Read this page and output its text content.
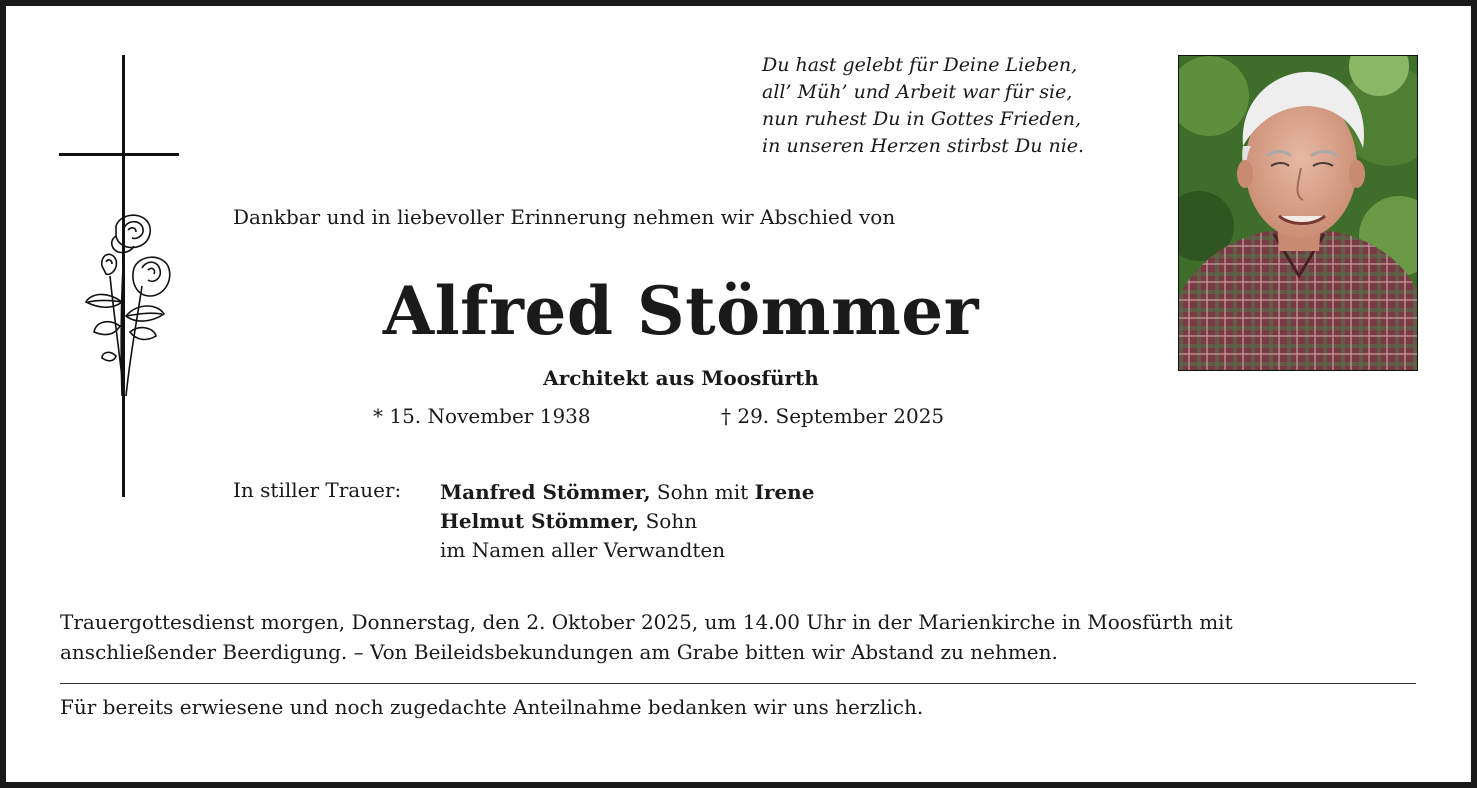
Du hast gelebt für Deine Lieben,
all’ Müh’ und Arbeit war für sie,
nun ruhest Du in Gottes Frieden,
in unseren Herzen stirbst Du nie.
Dankbar und in liebevoller Erinnerung nehmen wir Abschied von
Alfred Stömmer
Architekt aus Moosfürth
* 15. November 1938	† 29. September 2025
In stiller Trauer: Manfred Stömmer, Sohn mit Irene
Helmut Stömmer, Sohn
im Namen aller Verwandten
Trauergottesdienst morgen, Donnerstag, den 2. Oktober 2025, um 14.00 Uhr in der Marienkirche in Moosfürth mit
anschließender Beerdigung. – Von Beileidsbekundungen am Grabe bitten wir Abstand zu nehmen.
Für bereits erwiesene und noch zugedachte Anteilnahme bedanken wir uns herzlich.
